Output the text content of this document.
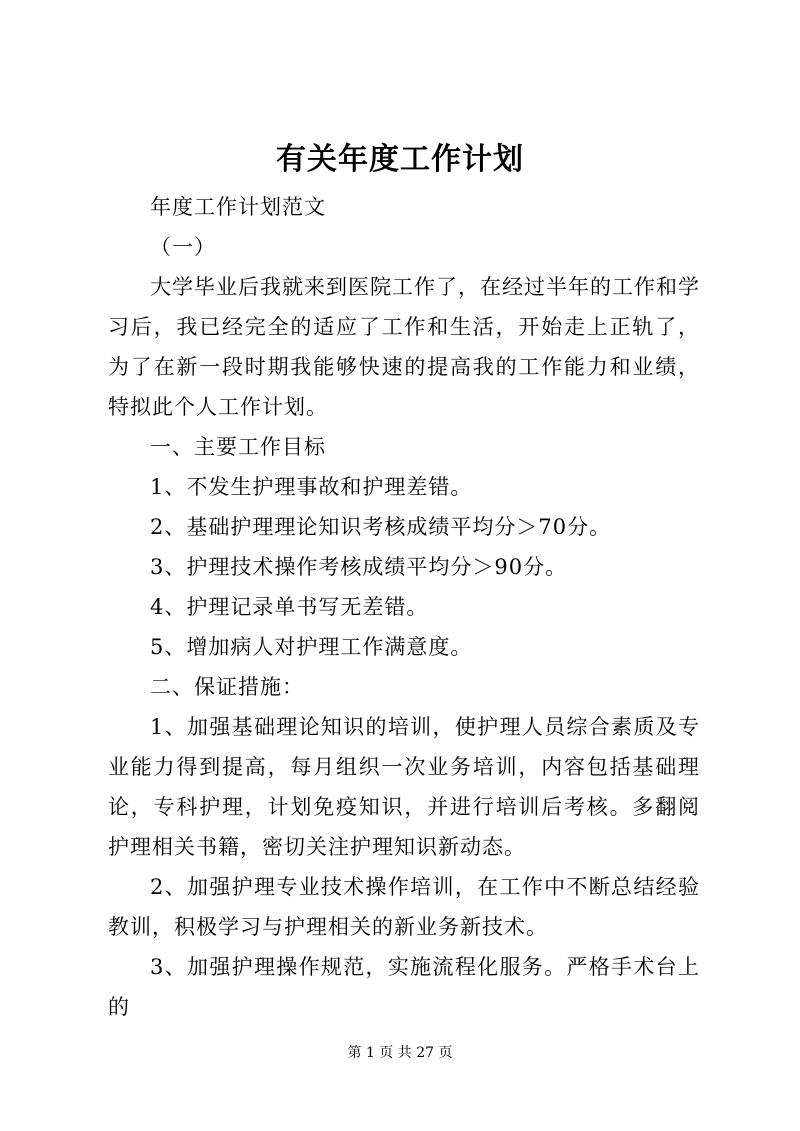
有关年度工作计划

年度工作计划范文

（一）

大学毕业后我就来到医院工作了，在经过半年的工作和学习后，我已经完全的适应了工作和生活，开始走上正轨了，为了在新一段时期我能够快速的提高我的工作能力和业绩，特拟此个人工作计划。

一、主要工作目标

1、不发生护理事故和护理差错。

2、基础护理理论知识考核成绩平均分＞70分。

3、护理技术操作考核成绩平均分＞90分。

4、护理记录单书写无差错。

5、增加病人对护理工作满意度。

二、保证措施：

1、加强基础理论知识的培训，使护理人员综合素质及专业能力得到提高，每月组织一次业务培训，内容包括基础理论，专科护理，计划免疫知识，并进行培训后考核。多翻阅护理相关书籍，密切关注护理知识新动态。

2、加强护理专业技术操作培训，在工作中不断总结经验教训，积极学习与护理相关的新业务新技术。

3、加强护理操作规范，实施流程化服务。严格手术台上的

第 1 页 共 27 页
